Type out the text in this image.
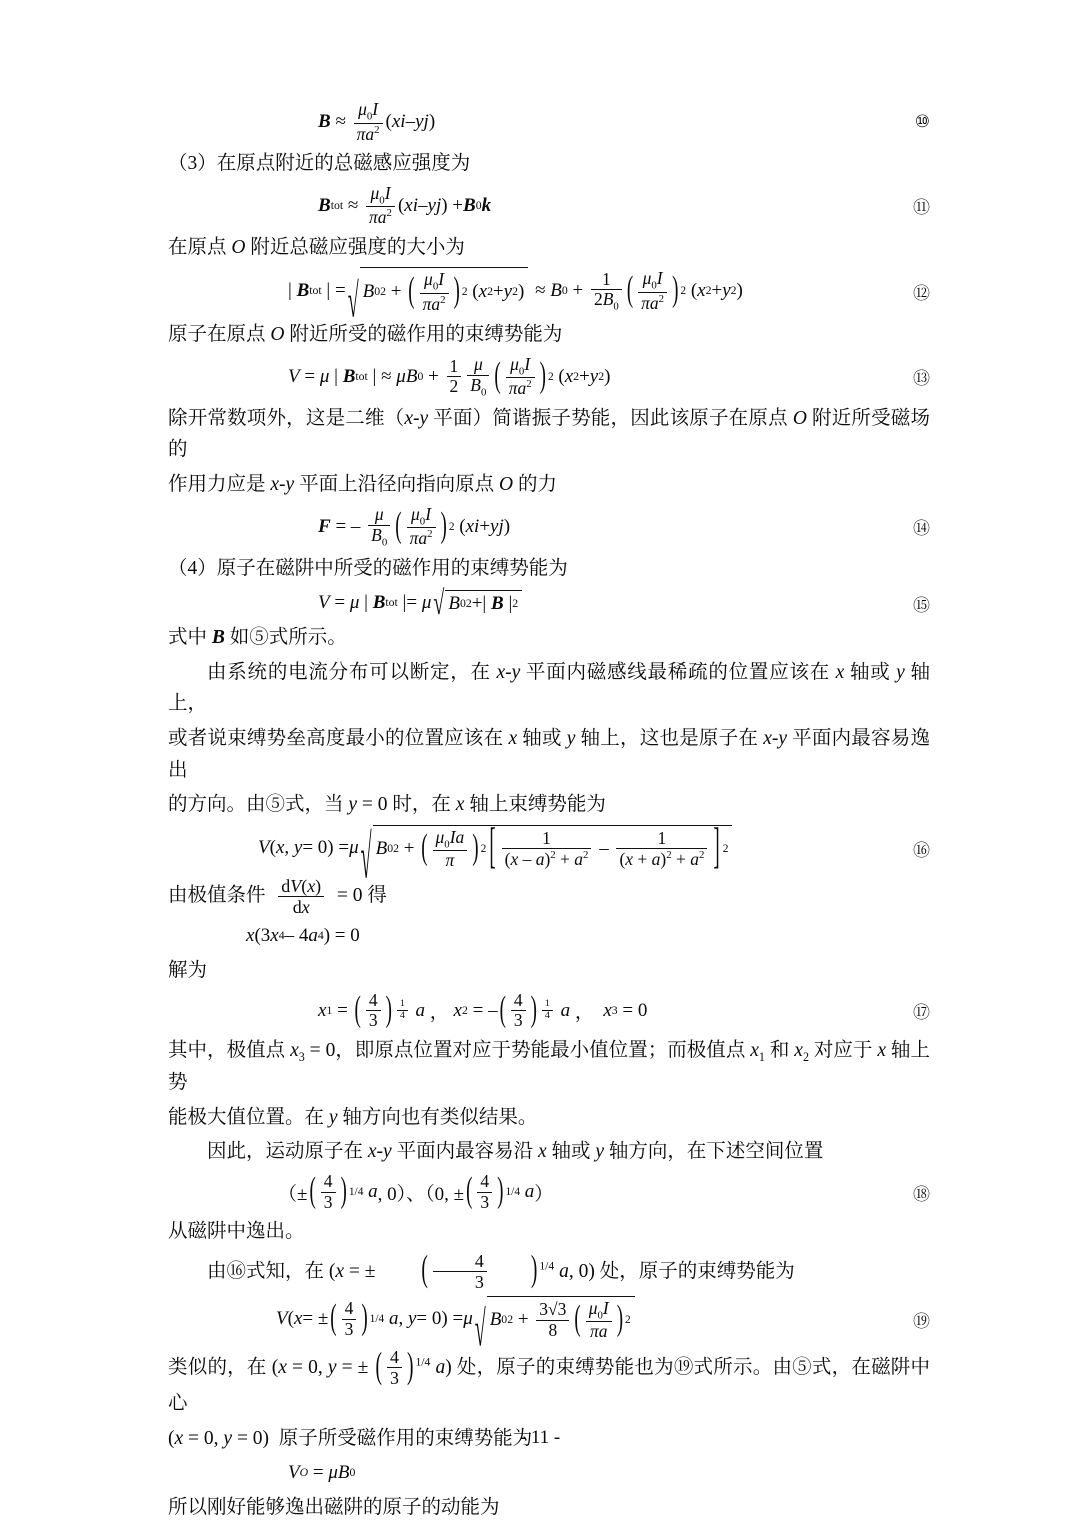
$B \approx \frac{\mu_0I}{\pi a^2}$ ( xi – yj )	⑩
（3）在原点附近的总磁感应强度为
B tot ≈ $\frac{\mu_0I}{\pi a^2}$ ( xi – yj ) + B 0 k	⑪
在原点 O 附近总磁应强度的大小为
| B tot | = √ B 0 2 + ( $\frac{\mu_0I}{\pi a^2}$ ) 2 ( x 2 + y 2 ) ≈ B $0 + \frac{1}{2B_0}$ ( $\frac{\mu_0I}{\pi a^2}$ ) 2 ( x 2 + y 2 )	⑫
原子在原点 O 附近所受的磁作用的束缚势能为
V = μ | B tot | ≈ μB $0 + \frac{1}{2} \frac{\mu}{B_0}$ ( $\frac{\mu_0I}{\pi a^2}$ ) 2 ( x 2 + y 2 )	⑬
除开常数项外，这是二维（x-y 平面）简谐振子势能，因此该原子在原点 O 附近所受磁场的
作用力应是 x-y 平面上沿径向指向原点 O 的力
F = – $\frac{\mu}{B_0}$ ( $\frac{\mu_0I}{\pi a^2}$ ) 2 ( xi + yj )	⑭
（4）原子在磁阱中所受的磁作用的束缚势能为
V = μ | B tot |= μ √ B 0 2 +| B | 2	⑮
式中 B 如⑤式所示。
由系统的电流分布可以断定，在 x-y 平面内磁感线最稀疏的位置应该在 x 轴或 y 轴上，
或者说束缚势垒高度最小的位置应该在 x 轴或 y 轴上，这也是原子在 x-y 平面内最容易逸出
的方向。由⑤式，当 y = 0 时，在 x 轴上束缚势能为
V ( x , y = 0) = μ √ B 0 2 + ( $\frac{\mu_0Ia}{\pi}$ ) 2 [ $\frac{1}{(x - a)^2 + a^2} - \frac{1}{(x + a)^2 + a^2}$ ] 2	⑯
由极值条件 $\frac{dV(x)}{dx} = 0$ 得
x (3 x 4 – 4 a 4 ) = 0
解为
x 1 = ( $\frac{4}{3}$ ) $\frac{1}{4}$
a ， x 2 = – ( $\frac{4}{3}$ ) $\frac{1}{4}$
a ， x 3 = 0	⑰
其中，极值点 $x_3 = 0$，即原点位置对应于势能最小值位置；而极值点 $x_1$ 和 $x_2$ 对应于 x 轴上势
能极大值位置。在 y 轴方向也有类似结果。
因此，运动原子在 x-y 平面内最容易沿 x 轴或 y 轴方向，在下述空间位置
（± ( $\frac{4}{3}$ ) 1/4
a , 0）、（0, ± ( $\frac{4}{3}$ ) 1/4
a ）	⑱
从磁阱中逸出。
由⑯式知，在 (x = ±	( $\frac{4}{3}$	) $^{1/4}$ a, 0) 处，原子的束缚势能为
V ( x = ± ( $\frac{4}{3}$ ) 1/4
a , y = 0) = μ √ B 0 $2 + \frac{3√3}{8}$ ( $\frac{\mu_0I}{\pi a}$ ) 2	⑲
类似的，在 (x = 0, y = ± ( $\frac{4}{3}$ ) $^{1/4}$ a) 处，原子的束缚势能也为⑲式所示。由⑤式，在磁阱中心
(x = 0, y = 0)  原子所受磁作用的束缚势能为
V O = μB 0
所以刚好能够逸出磁阱的原子的动能为
- 11 -
